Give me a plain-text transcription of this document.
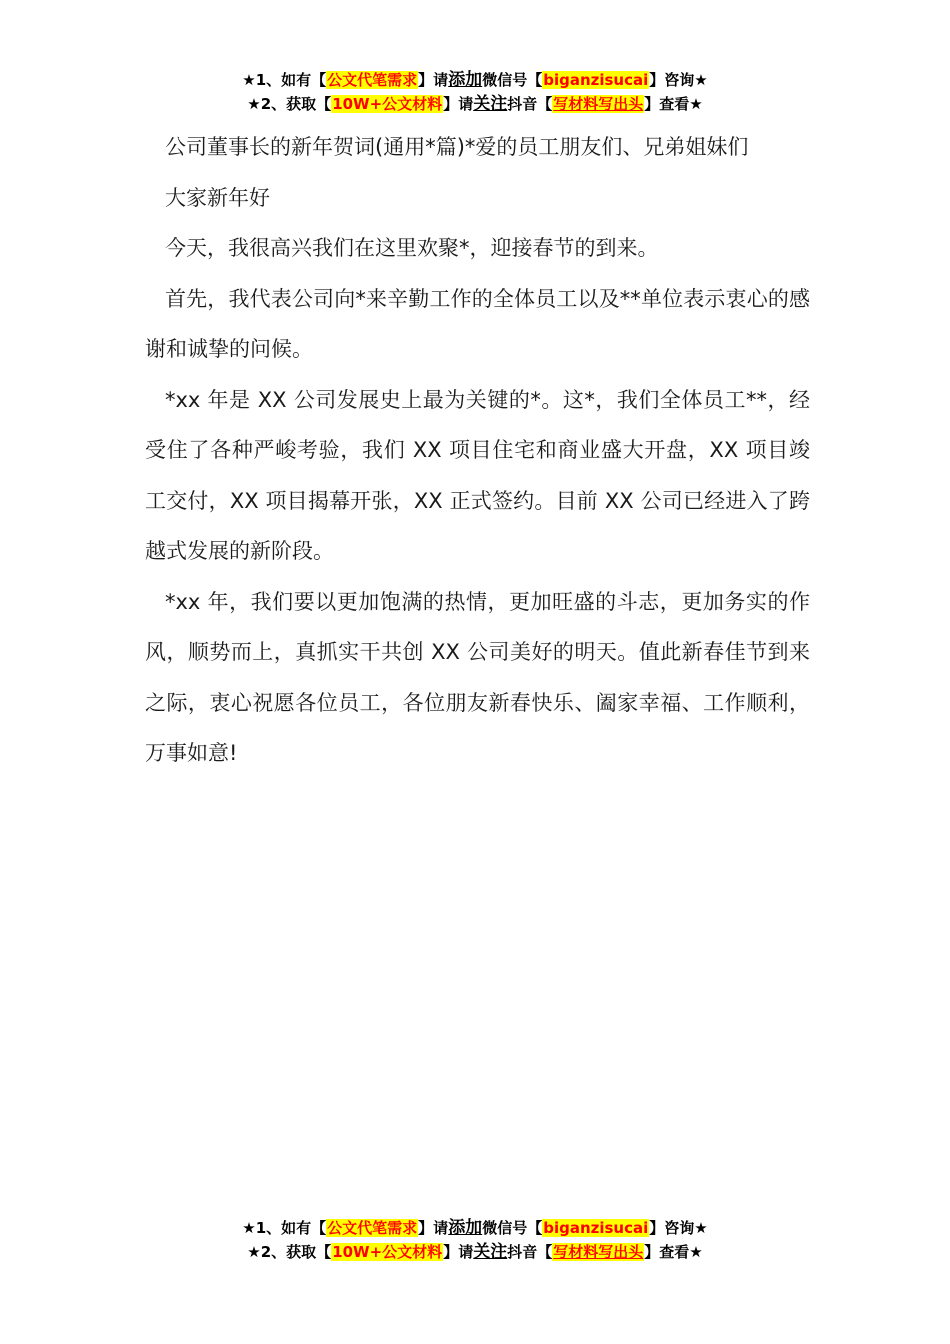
★1、如有【公文代笔需求】请添加微信号【biganzisucai】咨询★
★2、获取【10W+公文材料】请关注抖音【写材料写出头】查看★

公司董事长的新年贺词(通用*篇)*爱的员工朋友们、兄弟姐妹们

大家新年好

今天，我很高兴我们在这里欢聚*，迎接春节的到来。

首先，我代表公司向*来辛勤工作的全体员工以及**单位表示衷心的感谢和诚挚的问候。

*xx 年是 XX 公司发展史上最为关键的*。这*，我们全体员工**，经受住了各种严峻考验，我们 XX 项目住宅和商业盛大开盘，XX 项目竣工交付，XX 项目揭幕开张，XX 正式签约。目前 XX 公司已经进入了跨越式发展的新阶段。

*xx 年，我们要以更加饱满的热情，更加旺盛的斗志，更加务实的作风，顺势而上，真抓实干共创 XX 公司美好的明天。值此新春佳节到来之际，衷心祝愿各位员工，各位朋友新春快乐、阖家幸福、工作顺利，万事如意!

★1、如有【公文代笔需求】请添加微信号【biganzisucai】咨询★
★2、获取【10W+公文材料】请关注抖音【写材料写出头】查看★
